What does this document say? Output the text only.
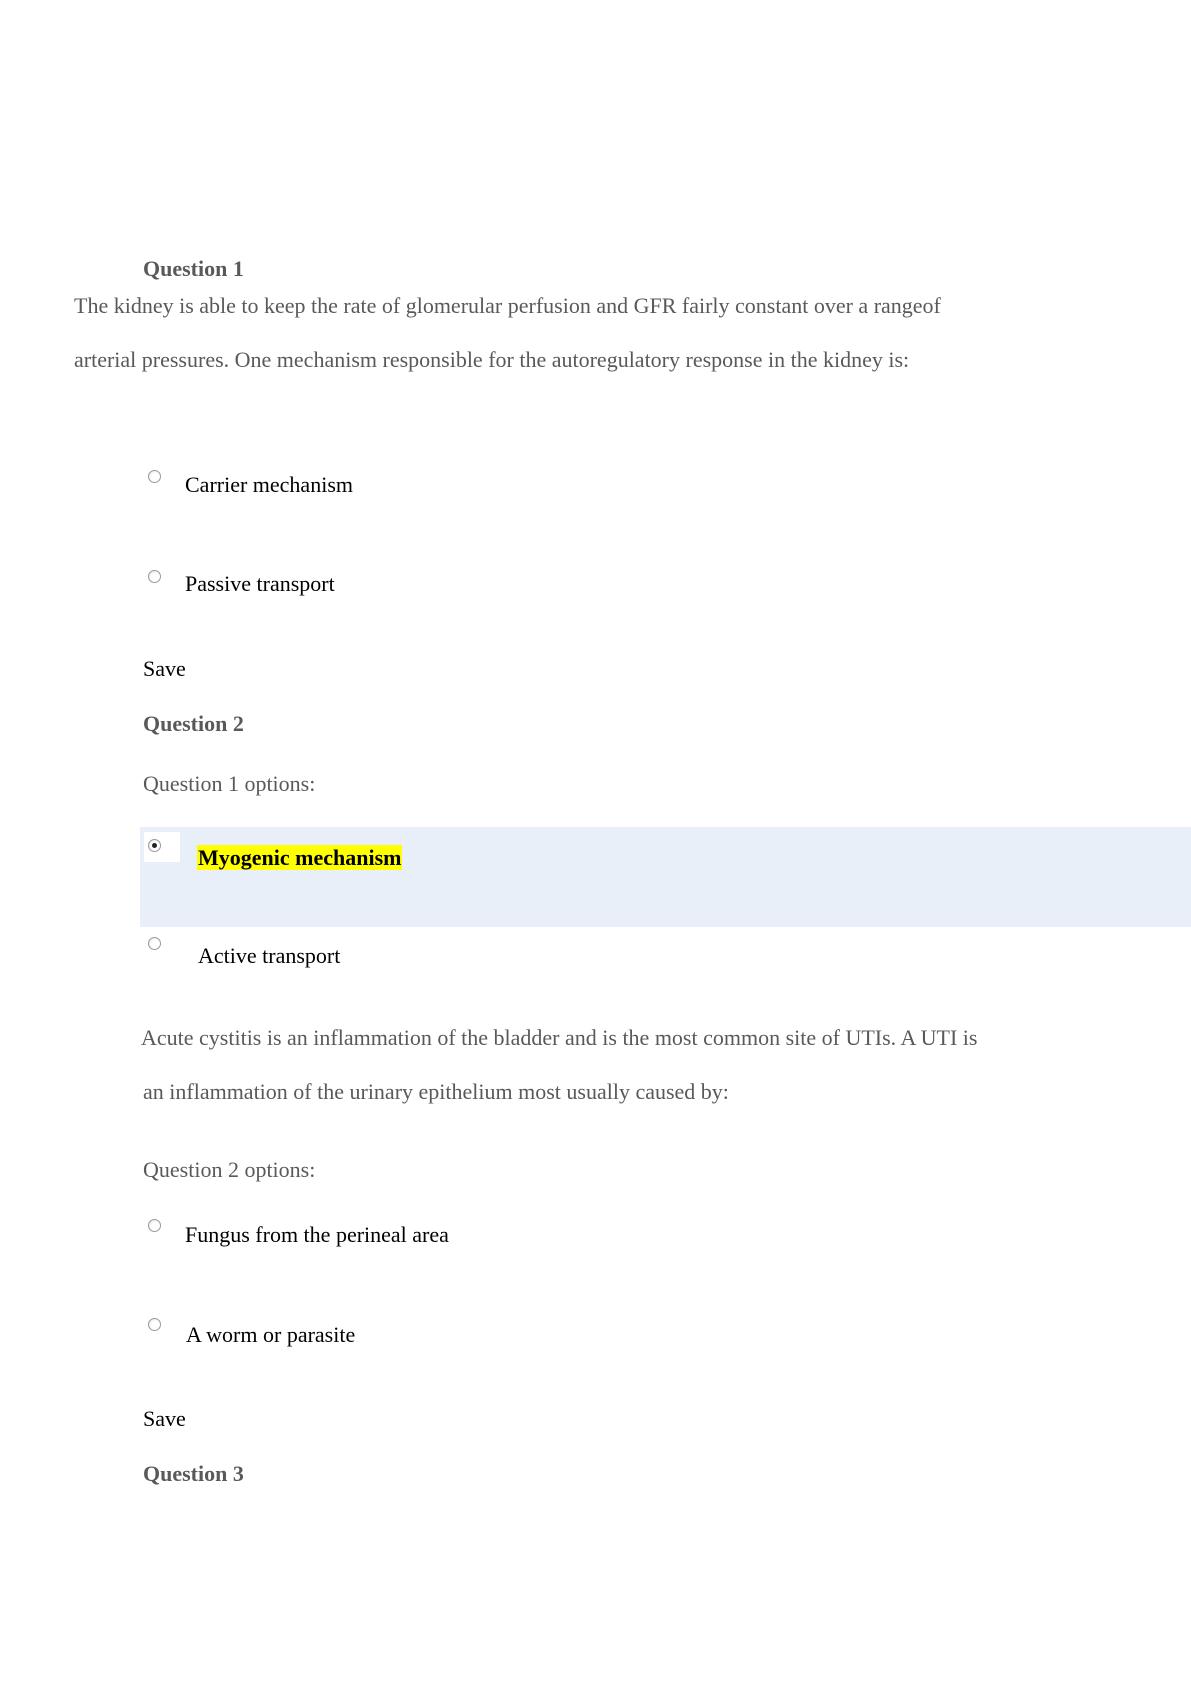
Question 1
The kidney is able to keep the rate of glomerular perfusion and GFR fairly constant over a rangeof
arterial pressures. One mechanism responsible for the autoregulatory response in the kidney is:
Carrier mechanism
Passive transport
Save
Question 2
Question 1 options:
Myogenic mechanism
Active transport
Acute cystitis is an inflammation of the bladder and is the most common site of UTIs. A UTI is
an inflammation of the urinary epithelium most usually caused by:
Question 2 options:
Fungus from the perineal area
A worm or parasite
Save
Question 3
